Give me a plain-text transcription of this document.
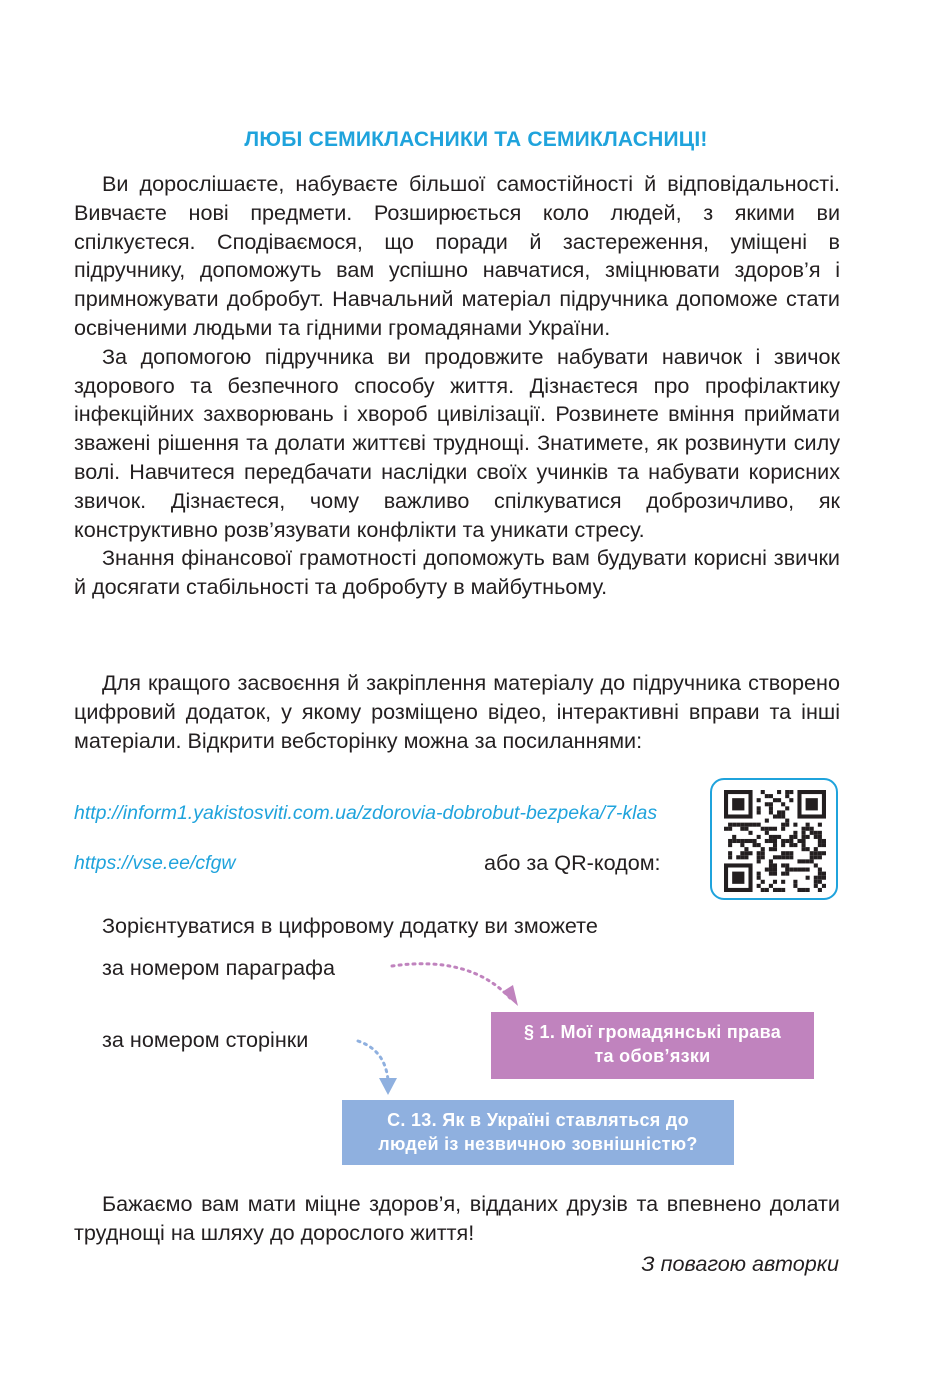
ЛЮБІ СЕМИКЛАСНИКИ ТА СЕМИКЛАСНИЦІ!

Ви дорослішаєте, набуваєте більшої самостійності й відповідальності. Вивчаєте нові предмети. Розширюється коло людей, з якими ви спілкуєтеся. Сподіваємося, що поради й застереження, уміщені в підручнику, допоможуть вам успішно навчатися, зміцнювати здоров’я і примножувати добробут. Навчальний матеріал підручника допоможе стати освіченими людьми та гідними громадянами України.

За допомогою підручника ви продовжите набувати навичок і звичок здорового та безпечного способу життя. Дізнаєтеся про профілактику інфекційних захворювань і хвороб цивілізації. Розвинете вміння приймати зважені рішення та долати життєві труднощі. Знатимете, як розвинути силу волі. Навчитеся передбачати наслідки своїх учинків та набувати корисних звичок. Дізнаєтеся, чому важливо спілкуватися доброзичливо, як конструктивно розв’язувати конфлікти та уникати стресу.

Знання фінансової грамотності допоможуть вам будувати корисні звички й досягати стабільності та добробуту в майбутньому.

Для кращого засвоєння й закріплення матеріалу до підручника створено цифровий додаток, у якому розміщено відео, інтерактивні вправи та інші матеріали. Відкрити вебсторінку можна за посиланнями:

http://inform1.yakistosviti.com.ua/zdorovia-dobrobut-bezpeka/7-klas
https://vse.ee/cfgw	або за QR-кодом:
Зорієнтуватися в цифровому додатку ви зможете
за номером параграфа
за номером сторінки	§ 1. Мої громадянські права
та обов’язки
С. 13. Як в Україні ставляться до
людей із незвичною зовнішністю?

Бажаємо вам мати міцне здоров’я, відданих друзів та впевнено долати труднощі на шляху до дорослого життя!

З повагою авторки
